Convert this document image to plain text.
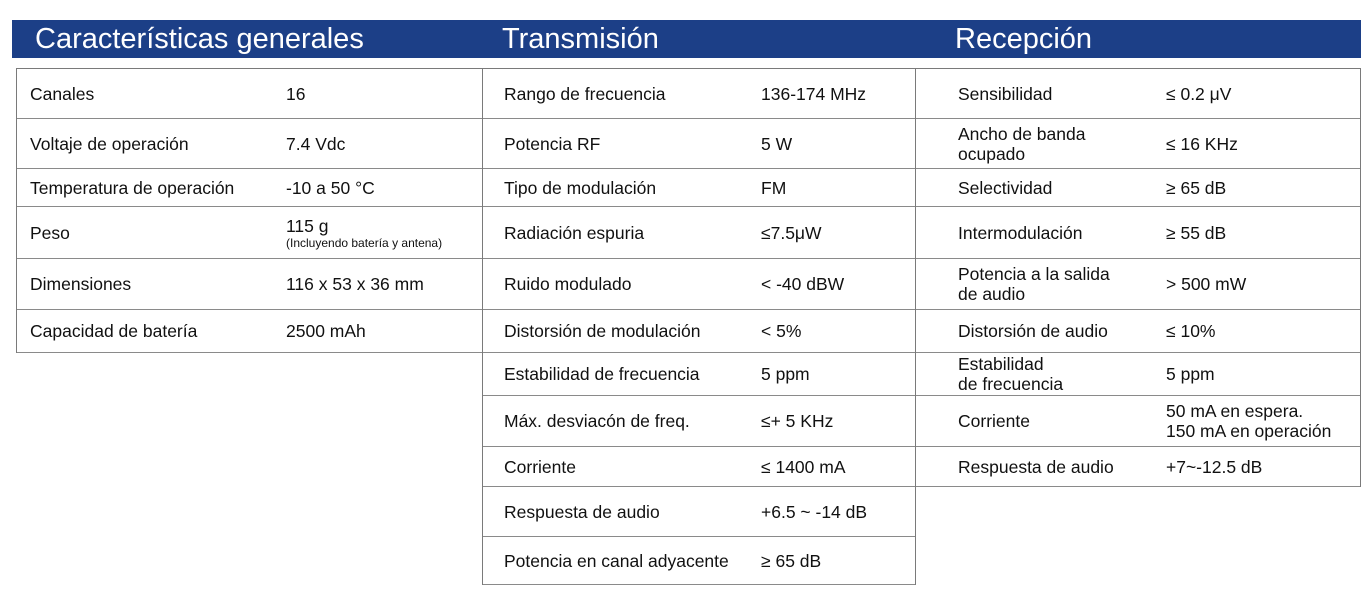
Características generales	Transmisión	Recepción
Canales	16
Voltaje de operación	7.4 Vdc
Temperatura de operación	-10 a 50 °C
Peso	115 g
(Incluyendo batería y antena)
Dimensiones	116 x 53 x 36 mm
Capacidad de batería	2500 mAh
Rango de frecuencia	136-174 MHz
Potencia RF	5 W
Tipo de modulación	FM
Radiación espuria	≤7.5μW
Ruido modulado	< -40 dBW
Distorsión de modulación	< 5%
Estabilidad de frecuencia	5 ppm
Máx. desviacón de freq.	≤+ 5 KHz
Corriente	≤ 1400 mA
Respuesta de audio	+6.5 ~ -14 dB
Potencia en canal adyacente ≥ 65 dB
Sensibilidad	≤ 0.2 μV
Ancho de banda
ocupado	≤ 16 KHz
Selectividad	≥ 65 dB
Intermodulación	≥ 55 dB
Potencia a la salida
de audio	> 500 mW
Distorsión de audio	≤ 10%
Estabilidad
de frecuencia	5 ppm
Corriente	50 mA en espera.
150 mA en operación
Respuesta de audio	+7~-12.5 dB
